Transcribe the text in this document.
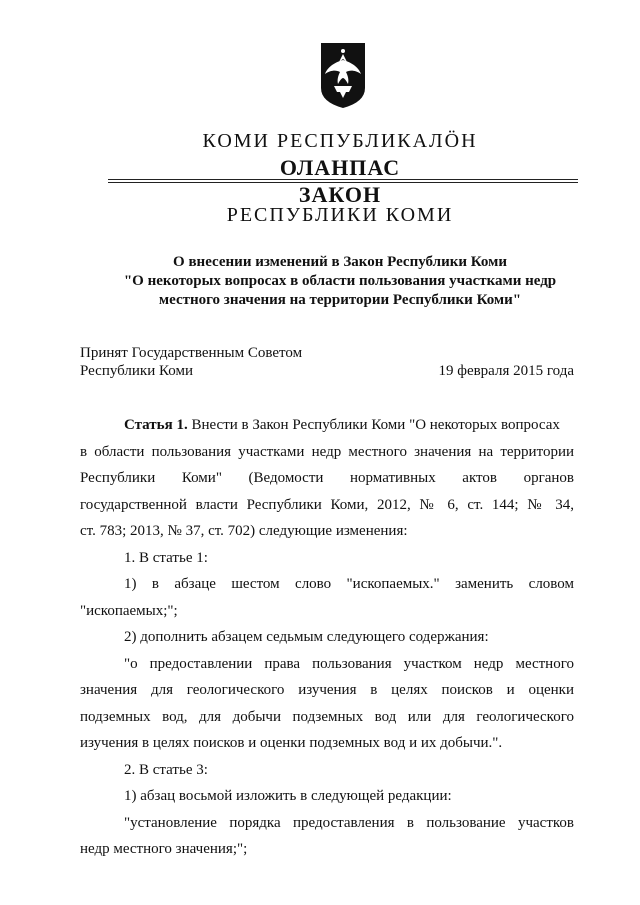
КОМИ РЕСПУБЛИКАЛÖН
ОЛАНПАС
ЗАКОН
РЕСПУБЛИКИ КОМИ
О внесении изменений в Закон Республики Коми
"О некоторых вопросах в области пользования участками недр
местного значения на территории Республики Коми"
Принят Государственным Советом
Республики Коми	19 февраля 2015 года
Статья 1. Внести в Закон Республики Коми "О некоторых вопросах
в области пользования участками недр местного значения на территории
Республики Коми" (Ведомости нормативных актов органов
государственной власти Республики Коми, 2012, № 6, ст. 144; № 34,
ст. 783; 2013, № 37, ст. 702) следующие изменения:
1. В статье 1:
1) в абзаце шестом слово "ископаемых." заменить словом
"ископаемых;";
2) дополнить абзацем седьмым следующего содержания:
"о предоставлении права пользования участком недр местного
значения для геологического изучения в целях поисков и оценки
подземных вод, для добычи подземных вод или для геологического
изучения в целях поисков и оценки подземных вод и их добычи.".
2. В статье 3:
1) абзац восьмой изложить в следующей редакции:
"установление порядка предоставления в пользование участков
недр местного значения;";
